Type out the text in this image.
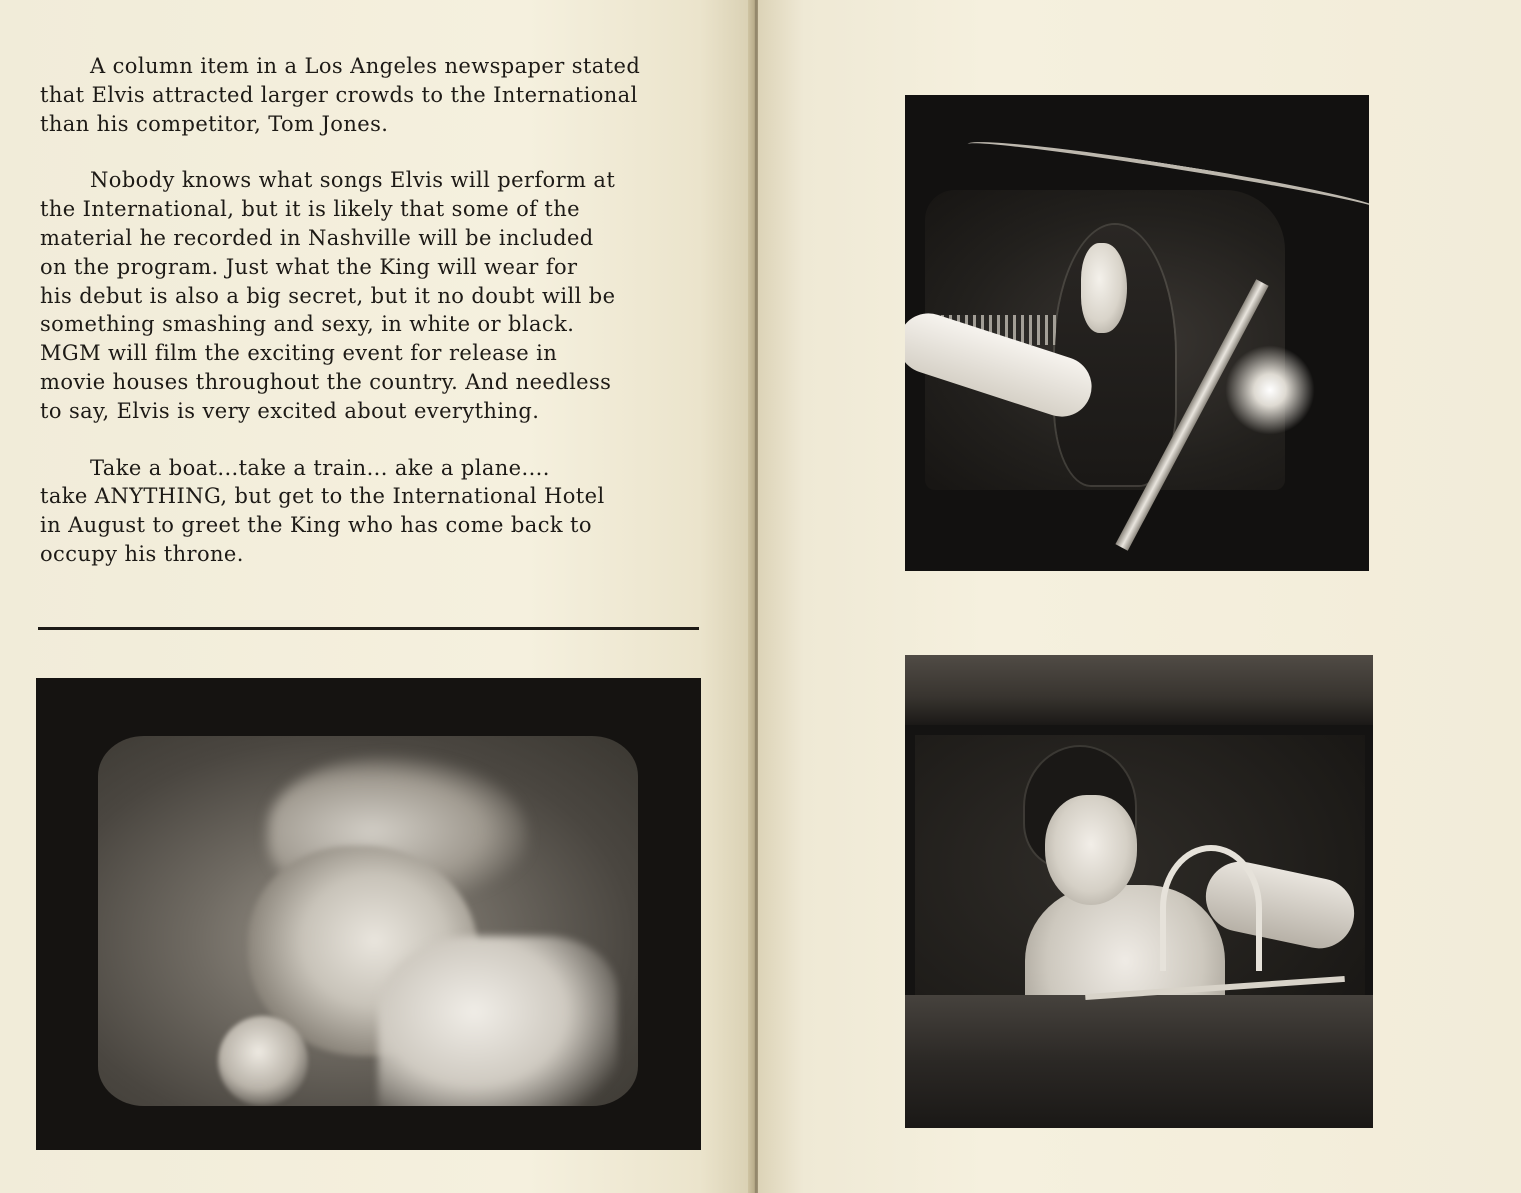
A column item in a Los Angeles newspaper stated
that Elvis attracted larger crowds to the International
than his competitor, Tom Jones.

Nobody knows what songs Elvis will perform at
the International, but it is likely that some of the
material he recorded in Nashville will be included
on the program. Just what the King will wear for
his debut is also a big secret, but it no doubt will be
something smashing and sexy, in white or black.
MGM will film the exciting event for release in
movie houses throughout the country. And needless
to say, Elvis is very excited about everything.

Take a boat...take a train... ake a plane....
take ANYTHING, but get to the International Hotel
in August to greet the King who has come back to
occupy his throne.
